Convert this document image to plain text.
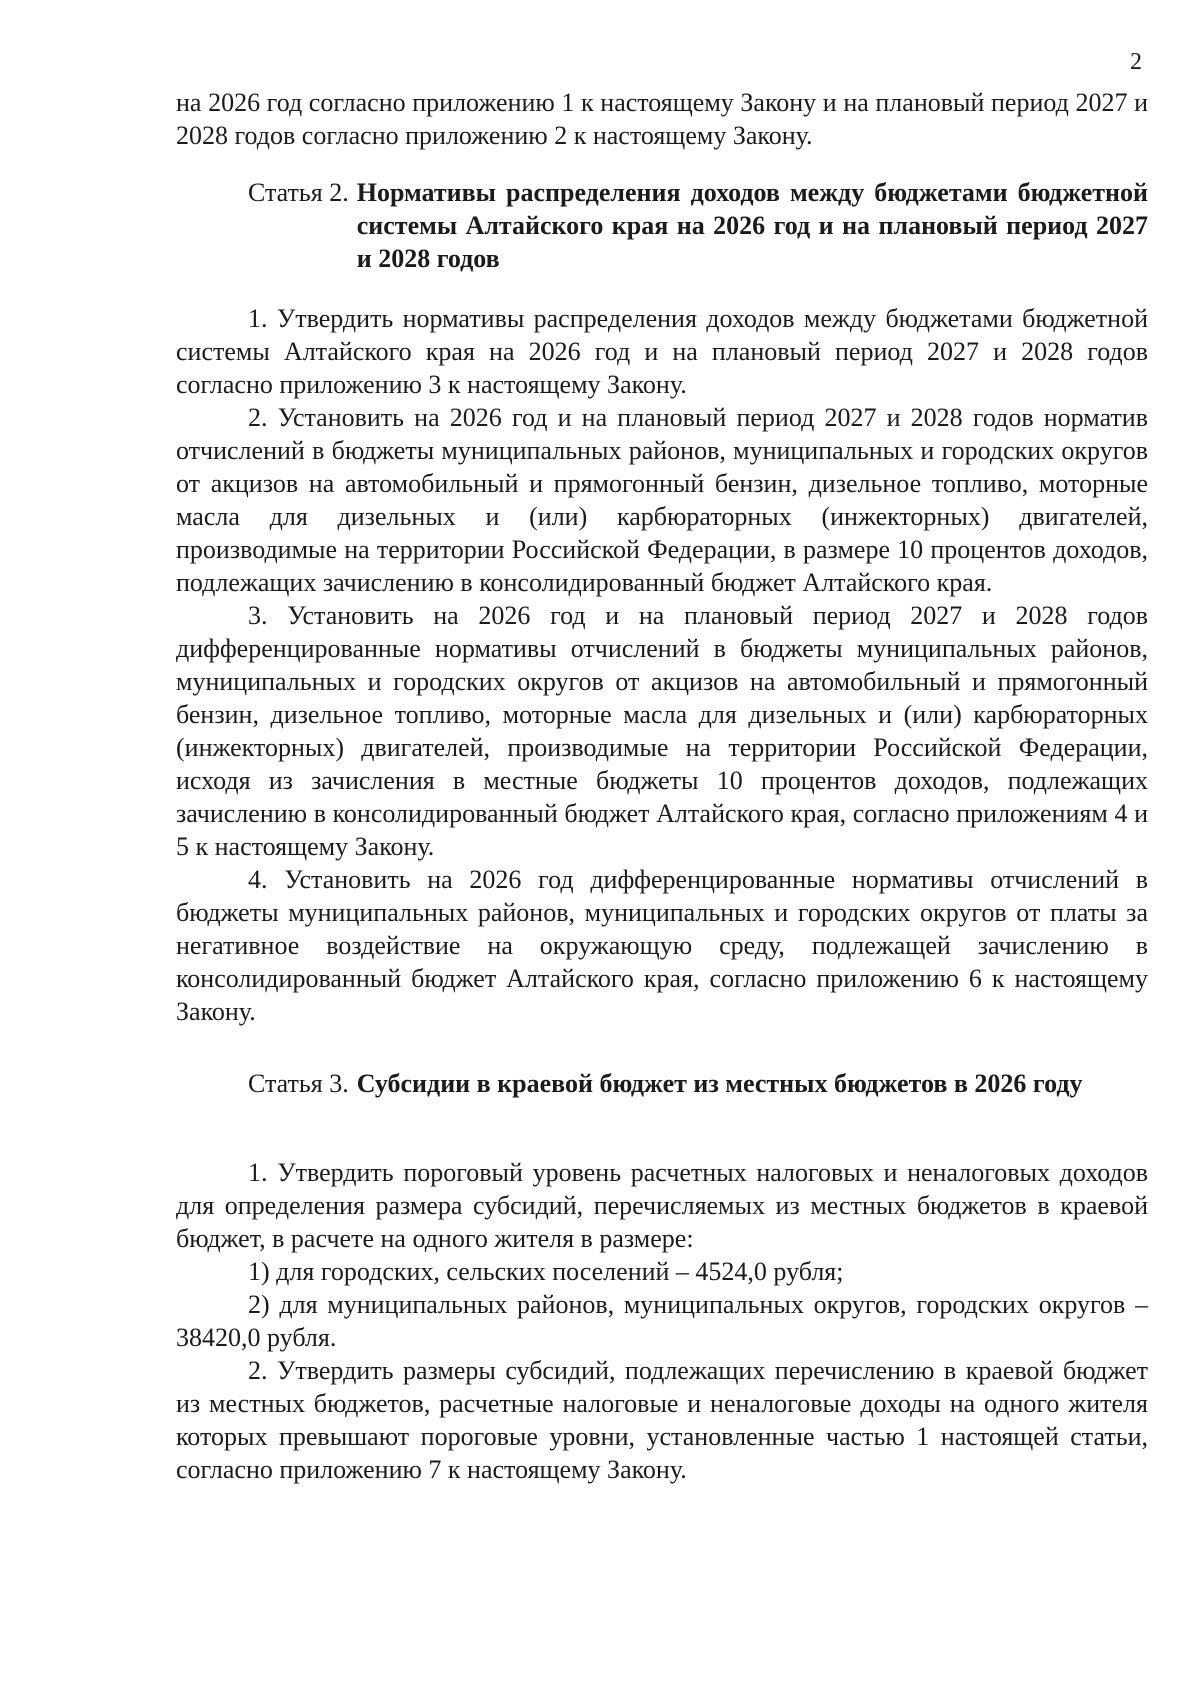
2

на 2026 год согласно приложению 1 к настоящему Закону и на плановый период 2027 и 2028 годов согласно приложению 2 к настоящему Закону.

Статья 2. Нормативы распределения доходов между бюджетами бюджетной системы Алтайского края на 2026 год и на плановый период 2027 и 2028 годов

1. Утвердить нормативы распределения доходов между бюджетами бюджетной системы Алтайского края на 2026 год и на плановый период 2027 и 2028 годов согласно приложению 3 к настоящему Закону.

2. Установить на 2026 год и на плановый период 2027 и 2028 годов норматив отчислений в бюджеты муниципальных районов, муниципальных и городских округов от акцизов на автомобильный и прямогонный бензин, дизельное топливо, моторные масла для дизельных и (или) карбюраторных (инжекторных) двигателей, производимые на территории Российской Федерации, в размере 10 процентов доходов, подлежащих зачислению в консолидированный бюджет Алтайского края.

3. Установить на 2026 год и на плановый период 2027 и 2028 годов дифференцированные нормативы отчислений в бюджеты муниципальных районов, муниципальных и городских округов от акцизов на автомобильный и прямогонный бензин, дизельное топливо, моторные масла для дизельных и (или) карбюраторных (инжекторных) двигателей, производимые на территории Российской Федерации, исходя из зачисления в местные бюджеты 10 процентов доходов, подлежащих зачислению в консолидированный бюджет Алтайского края, согласно приложениям 4 и 5 к настоящему Закону.

4. Установить на 2026 год дифференцированные нормативы отчислений в бюджеты муниципальных районов, муниципальных и городских округов от платы за негативное воздействие на окружающую среду, подлежащей зачислению в консолидированный бюджет Алтайского края, согласно приложению 6 к настоящему Закону.

Статья 3. Субсидии в краевой бюджет из местных бюджетов в 2026 году

1. Утвердить пороговый уровень расчетных налоговых и неналоговых доходов для определения размера субсидий, перечисляемых из местных бюджетов в краевой бюджет, в расчете на одного жителя в размере:

1) для городских, сельских поселений – 4524,0 рубля;

2) для муниципальных районов, муниципальных округов, городских округов – 38420,0 рубля.

2. Утвердить размеры субсидий, подлежащих перечислению в краевой бюджет из местных бюджетов, расчетные налоговые и неналоговые доходы на одного жителя которых превышают пороговые уровни, установленные частью 1 настоящей статьи, согласно приложению 7 к настоящему Закону.
